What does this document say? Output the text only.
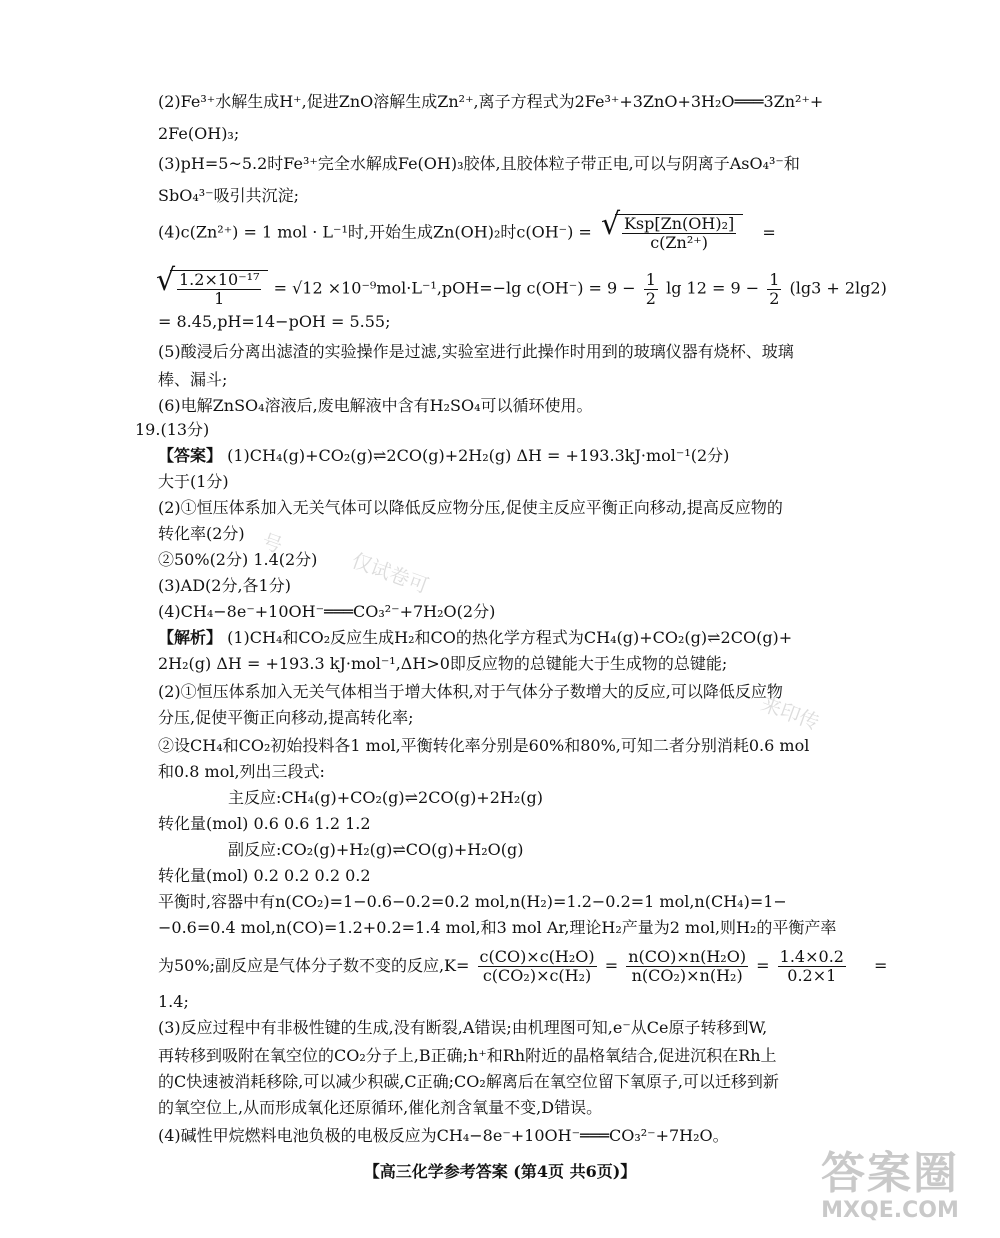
(2)Fe³⁺水解生成H⁺,促进ZnO溶解生成Zn²⁺,离子方程式为2Fe³⁺+3ZnO+3H₂O═══3Zn²⁺+
2Fe(OH)₃;
(3)pH=5~5.2时Fe³⁺完全水解成Fe(OH)₃胶体,且胶体粒子带正电,可以与阴离子AsO₄³⁻和
SbO₄³⁻吸引共沉淀;
(4)c(Zn²⁺) = 1 mol · L⁻¹时,开始生成Zn(OH)₂时c(OH⁻) =
√ $\frac{\text{Ksp[Zn(OH)₂]}}{\text{c(Zn²⁺)}}$ =
√ $\frac{\text{1.2×10⁻¹⁷}}{1} = √12 \times 10^{-9}mol\cdot L^{-1},pOH=-\lg$ $c(OH^-) = 9 - \frac{1}{2}$ $\lg 12 = 9 - \frac{1}{2} (\lg 3 + 2\lg 2)$
= 8.45,pH=14−pOH = 5.55;
(5)酸浸后分离出滤渣的实验操作是过滤,实验室进行此操作时用到的玻璃仪器有烧杯、玻璃
棒、漏斗;
(6)电解ZnSO₄溶液后,废电解液中含有H₂SO₄可以循环使用。
19.(13分)
【答案】 (1)CH₄(g)+CO₂(g)⇌2CO(g)+2H₂(g) ΔH = +193.3kJ·mol⁻¹(2分)
大于(1分)
(2)①恒压体系加入无关气体可以降低反应物分压,促使主反应平衡正向移动,提高反应物的
转化率(2分)
②50%(2分) 1.4(2分)
(3)AD(2分,各1分)
(4)CH₄−8e⁻+10OH⁻═══CO₃²⁻+7H₂O(2分)
【解析】 (1)CH₄和CO₂反应生成H₂和CO的热化学方程式为CH₄(g)+CO₂(g)⇌2CO(g)+
2H₂(g) ΔH = +193.3 kJ·mol⁻¹,ΔH>0即反应物的总键能大于生成物的总键能;
(2)①恒压体系加入无关气体相当于增大体积,对于气体分子数增大的反应,可以降低反应物
分压,促使平衡正向移动,提高转化率;
②设CH₄和CO₂初始投料各1 mol,平衡转化率分别是60%和80%,可知二者分别消耗0.6 mol
和0.8 mol,列出三段式:
主反应:CH₄(g)+CO₂(g)⇌2CO(g)+2H₂(g)
转化量(mol) 0.6 0.6 1.2 1.2
副反应:CO₂(g)+H₂(g)⇌CO(g)+H₂O(g)
转化量(mol) 0.2 0.2 0.2 0.2
平衡时,容器中有n(CO₂)=1−0.6−0.2=0.2 mol,n(H₂)=1.2−0.2=1 mol,n(CH₄)=1−
−0.6=0.4 mol,n(CO)=1.2+0.2=1.4 mol,和3 mol Ar,理论H₂产量为2 mol,则H₂的平衡产率
为50%;副反应是气体分子数不变的反应$,K= \frac{\text{c(CO)×c(H₂O)}}{\text{c(CO₂)×c(H₂)}} = \frac{\text{n(CO)×n(H₂O)}}{\text{n(CO₂)×n(H₂)}} = \frac{1.4\times 0.2}{0.2\times 1}$ =
1.4;
(3)反应过程中有非极性键的生成,没有断裂,A错误;由机理图可知,e⁻从Ce原子转移到W,
再转移到吸附在氧空位的CO₂分子上,B正确;h⁺和Rh附近的晶格氧结合,促进沉积在Rh上
的C快速被消耗移除,可以减少积碳,C正确;CO₂解离后在氧空位留下氧原子,可以迁移到新
的氧空位上,从而形成氧化还原循环,催化剂含氧量不变,D错误。
(4)碱性甲烷燃料电池负极的电极反应为CH₄−8e⁻+10OH⁻═══CO₃²⁻+7H₂O。
【高三化学参考答案 (第4页 共6页)】
号
仅试卷可
来印传
答案圈
MXQE.COM
